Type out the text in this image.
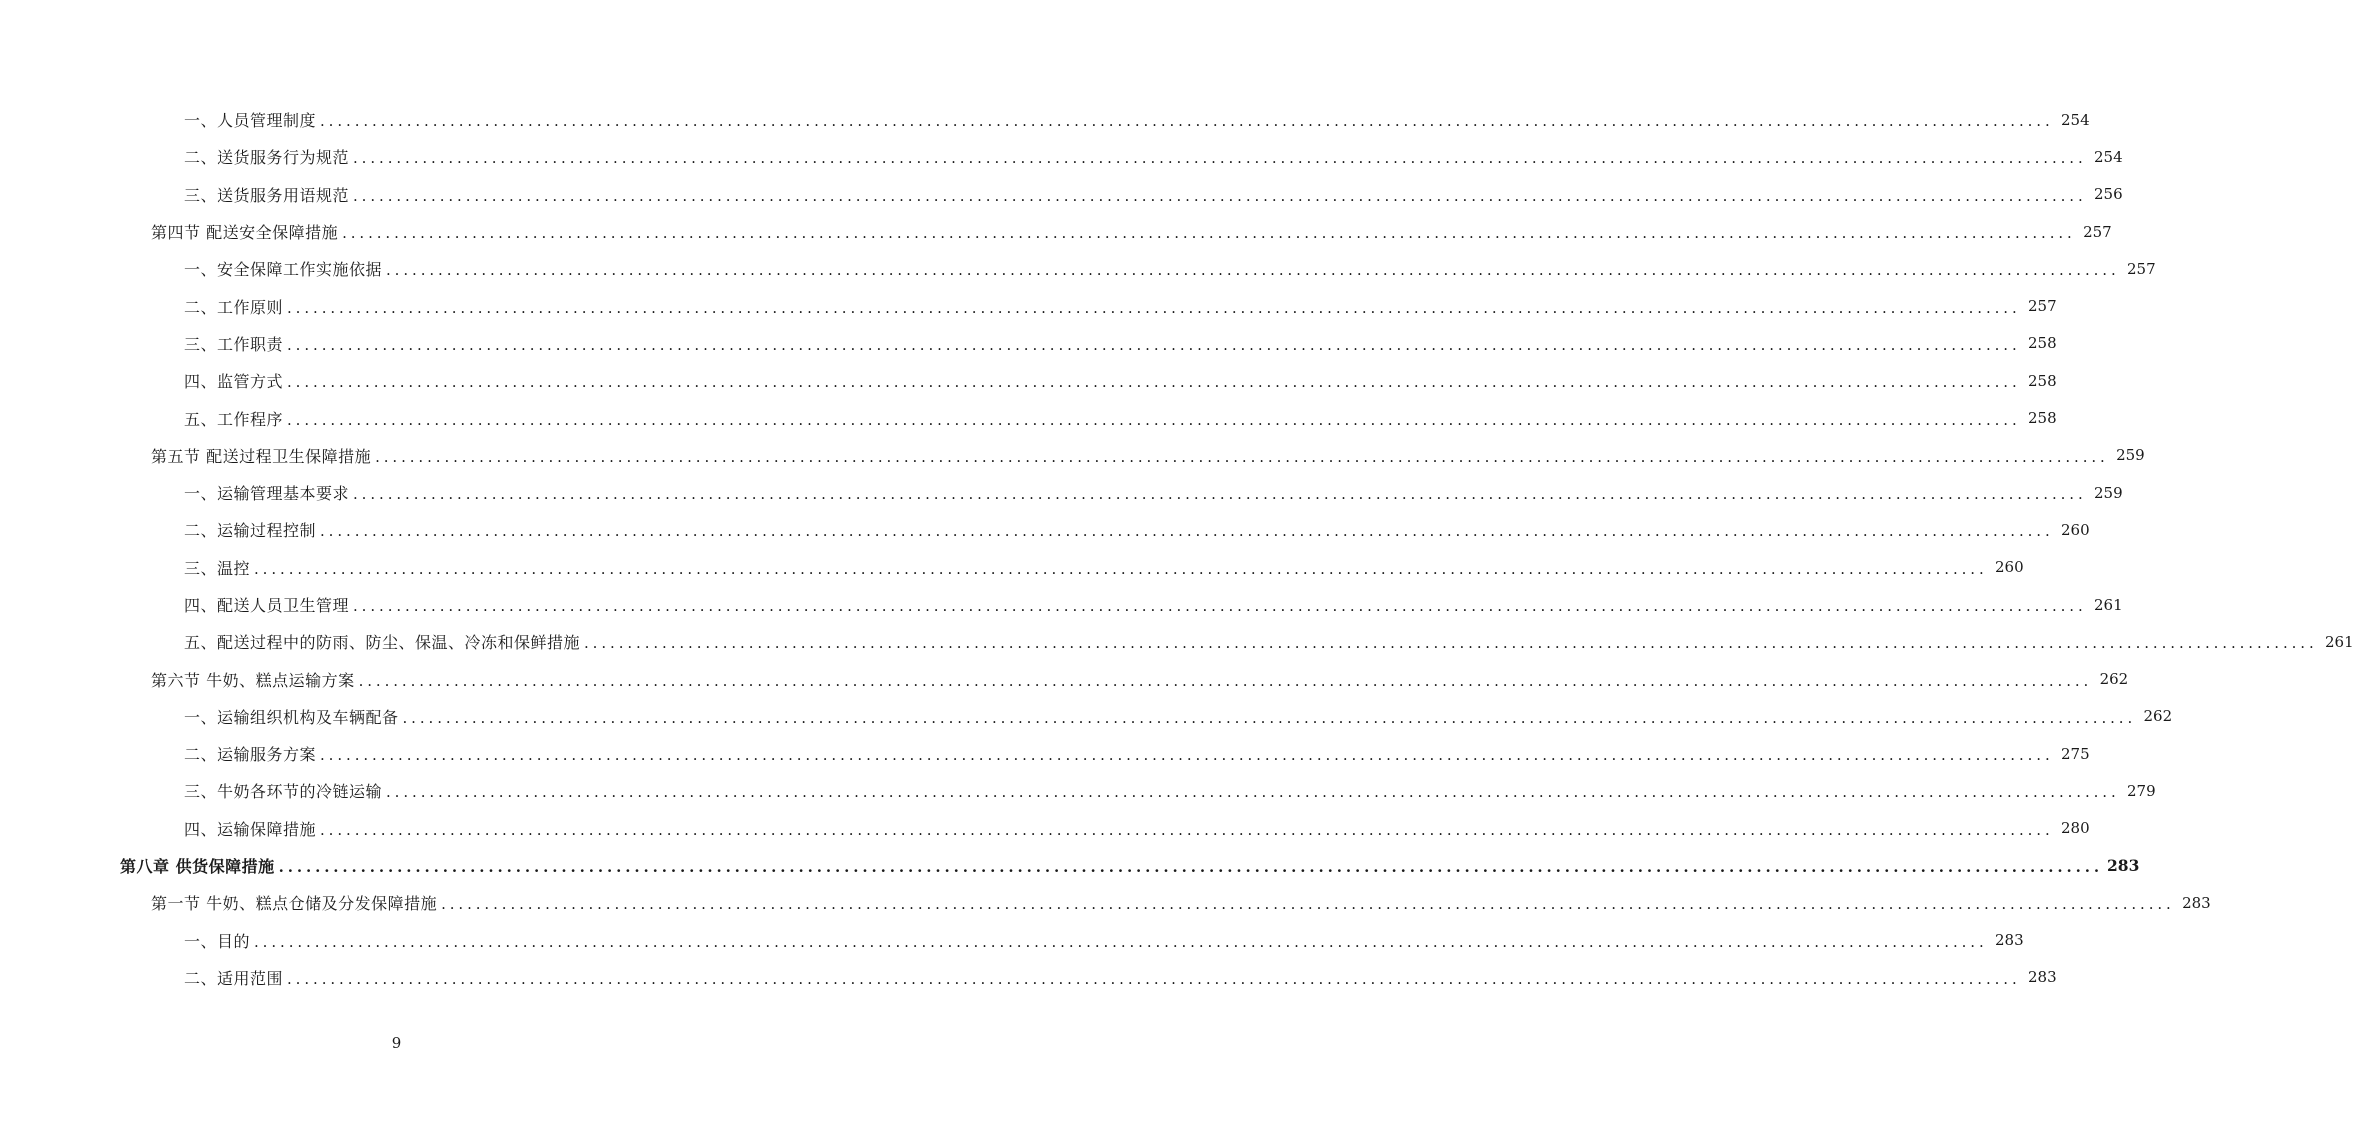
一、人员管理制度 ........................................................................................................................................................................................................ 254
二、送货服务行为规范 ........................................................................................................................................................................................................ 254
三、送货服务用语规范 ........................................................................................................................................................................................................ 256
第四节 配送安全保障措施 ........................................................................................................................................................................................................ 257
一、安全保障工作实施依据 ........................................................................................................................................................................................................ 257
二、工作原则 ........................................................................................................................................................................................................ 257
三、工作职责 ........................................................................................................................................................................................................ 258
四、监管方式 ........................................................................................................................................................................................................ 258
五、工作程序 ........................................................................................................................................................................................................ 258
第五节 配送过程卫生保障措施 ........................................................................................................................................................................................................ 259
一、运输管理基本要求 ........................................................................................................................................................................................................ 259
二、运输过程控制 ........................................................................................................................................................................................................ 260
三、温控 ........................................................................................................................................................................................................ 260
四、配送人员卫生管理 ........................................................................................................................................................................................................ 261
五、配送过程中的防雨、防尘、保温、冷冻和保鲜措施 ........................................................................................................................................................................................................ 261
第六节 牛奶、糕点运输方案 ........................................................................................................................................................................................................ 262
一、运输组织机构及车辆配备 ........................................................................................................................................................................................................ 262
二、运输服务方案 ........................................................................................................................................................................................................ 275
三、牛奶各环节的冷链运输 ........................................................................................................................................................................................................ 279
四、运输保障措施 ........................................................................................................................................................................................................ 280
第八章 供货保障措施 ........................................................................................................................................................................................................ 283
第一节 牛奶、糕点仓储及分发保障措施 ........................................................................................................................................................................................................ 283
一、目的 ........................................................................................................................................................................................................ 283
二、适用范围 ........................................................................................................................................................................................................ 283
9
